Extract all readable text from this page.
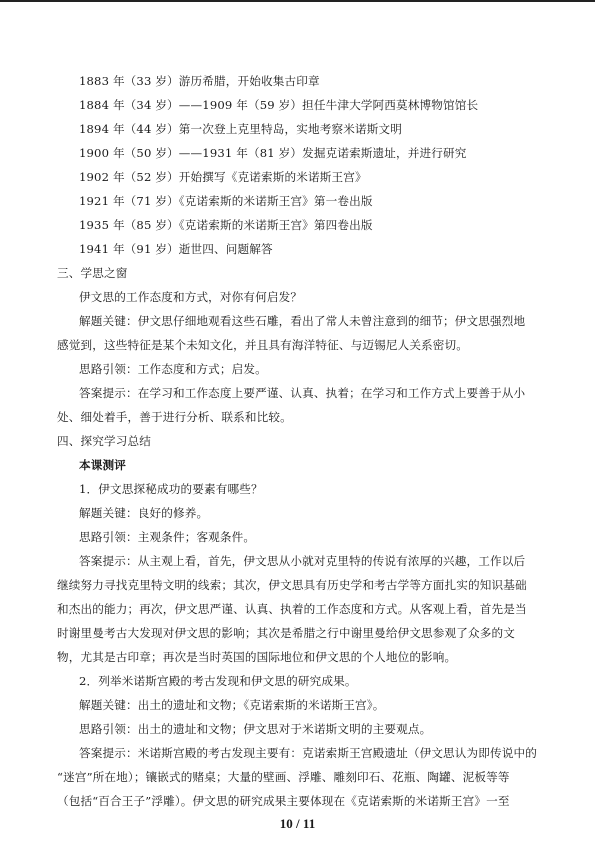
1883 年（33 岁）游历希腊，开始收集古印章
1884 年（34 岁）——1909 年（59 岁）担任牛津大学阿西莫林博物馆馆长
1894 年（44 岁）第一次登上克里特岛，实地考察米诺斯文明
1900 年（50 岁）——1931 年（81 岁）发掘克诺索斯遗址，并进行研究
1902 年（52 岁）开始撰写《克诺索斯的米诺斯王宫》
1921 年（71 岁）《克诺索斯的米诺斯王宫》第一卷出版
1935 年（85 岁）《克诺索斯的米诺斯王宫》第四卷出版
1941 年（91 岁）逝世四、问题解答
三、学思之窗
伊文思的工作态度和方式，对你有何启发？
解题关键：伊文思仔细地观看这些石雕，看出了常人未曾注意到的细节；伊文思强烈地
感觉到，这些特征是某个未知文化，并且具有海洋特征、与迈锡尼人关系密切。
思路引领：工作态度和方式；启发。
答案提示：在学习和工作态度上要严谨、认真、执着；在学习和工作方式上要善于从小
处、细处着手，善于进行分析、联系和比较。
四、探究学习总结
本课测评
1．伊文思探秘成功的要素有哪些？
解题关键：良好的修养。
思路引领：主观条件；客观条件。
答案提示：从主观上看，首先，伊文思从小就对克里特的传说有浓厚的兴趣，工作以后
继续努力寻找克里特文明的线索；其次，伊文思具有历史学和考古学等方面扎实的知识基础
和杰出的能力；再次，伊文思严谨、认真、执着的工作态度和方式。从客观上看，首先是当
时谢里曼考古大发现对伊文思的影响；其次是希腊之行中谢里曼给伊文思参观了众多的文
物，尤其是古印章；再次是当时英国的国际地位和伊文思的个人地位的影响。
2．列举米诺斯宫殿的考古发现和伊文思的研究成果。
解题关键：出土的遗址和文物；《克诺索斯的米诺斯王宫》。
思路引领：出土的遗址和文物；伊文思对于米诺斯文明的主要观点。
答案提示：米诺斯宫殿的考古发现主要有：克诺索斯王宫殿遗址（伊文思认为即传说中的
“迷宫”所在地）；镶嵌式的赌桌；大量的壁画、浮雕、雕刻印石、花瓶、陶罐、泥板等等
（包括“百合王子”浮雕）。伊文思的研究成果主要体现在《克诺索斯的米诺斯王宫》一至
10 / 11
